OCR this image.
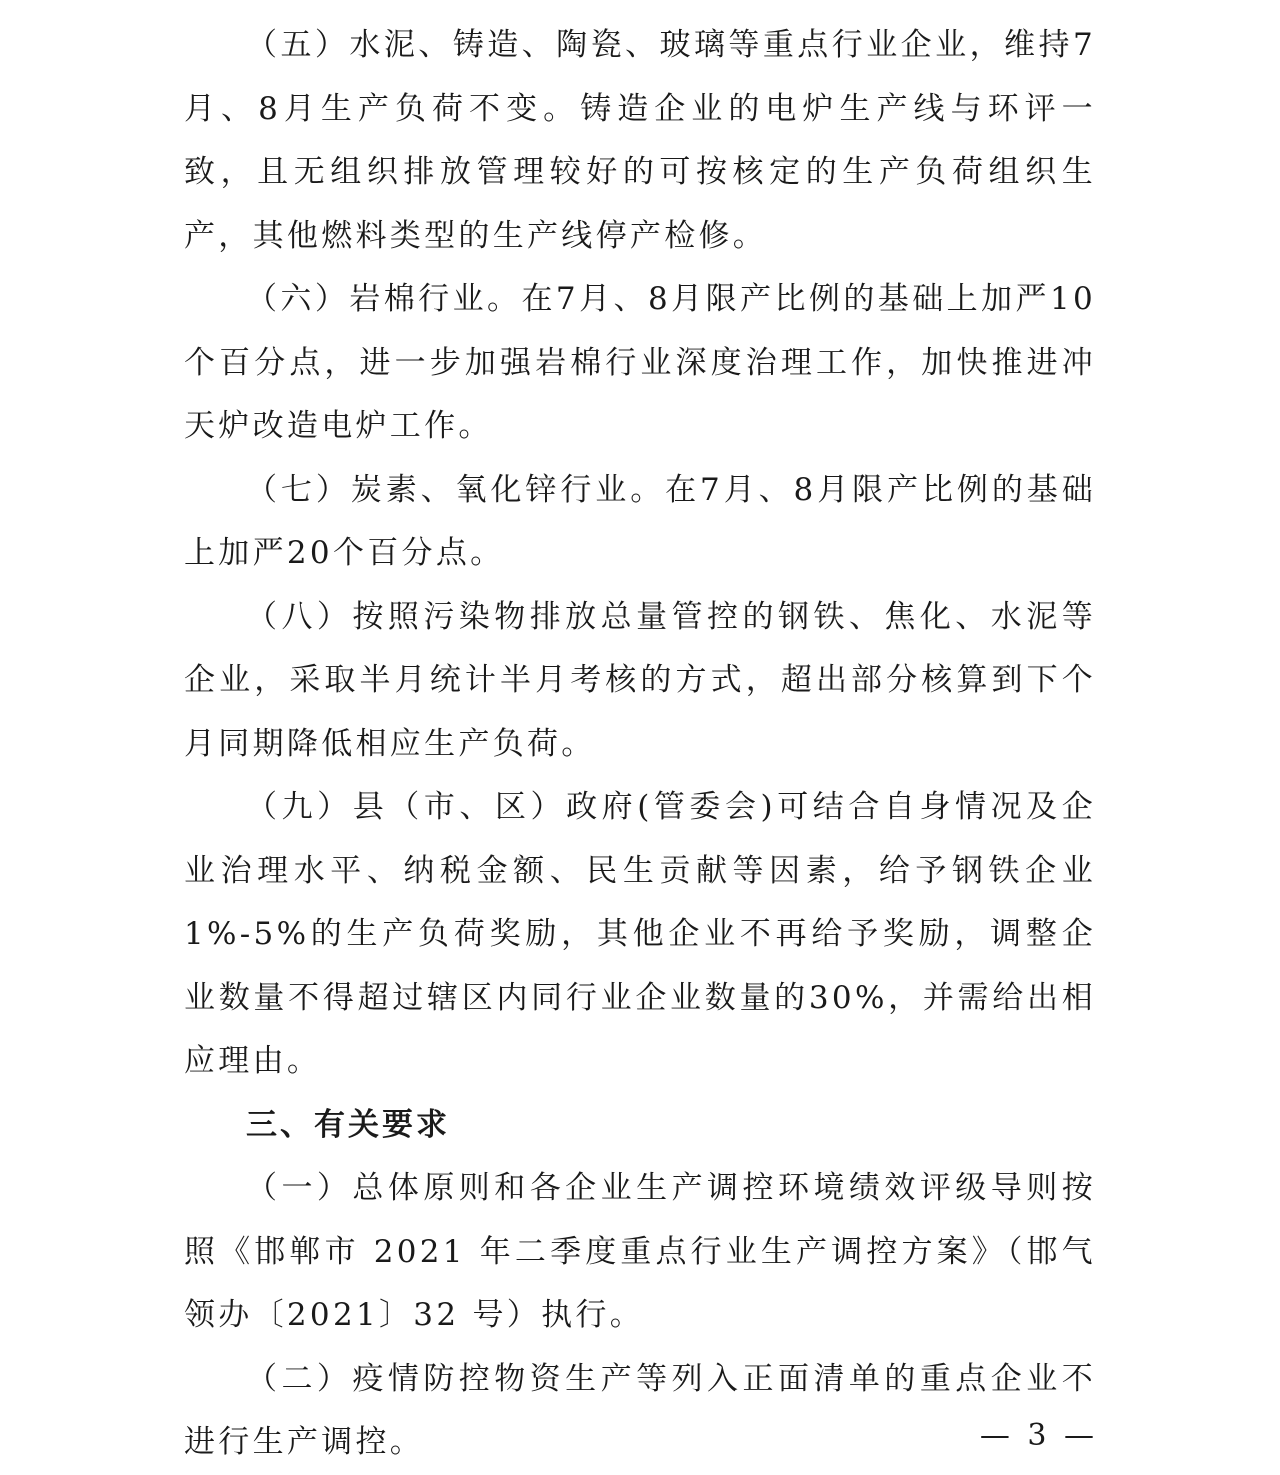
（五）水泥、铸造、陶瓷、玻璃等重点行业企业，维持7月、8月生产负荷不变。铸造企业的电炉生产线与环评一致，且无组织排放管理较好的可按核定的生产负荷组织生产，其他燃料类型的生产线停产检修。

（六）岩棉行业。在7月、8月限产比例的基础上加严10个百分点，进一步加强岩棉行业深度治理工作，加快推进冲天炉改造电炉工作。

（七）炭素、氧化锌行业。在7月、8月限产比例的基础上加严20个百分点。

（八）按照污染物排放总量管控的钢铁、焦化、水泥等企业，采取半月统计半月考核的方式，超出部分核算到下个月同期降低相应生产负荷。

（九）县（市、区）政府(管委会)可结合自身情况及企业治理水平、纳税金额、民生贡献等因素，给予钢铁企业1%-5%的生产负荷奖励，其他企业不再给予奖励，调整企业数量不得超过辖区内同行业企业数量的30%，并需给出相应理由。

三、有关要求

（一）总体原则和各企业生产调控环境绩效评级导则按照《邯郸市 2021 年二季度重点行业生产调控方案》（邯气领办〔2021〕32 号）执行。

（二）疫情防控物资生产等列入正面清单的重点企业不进行生产调控。	— 3 —
